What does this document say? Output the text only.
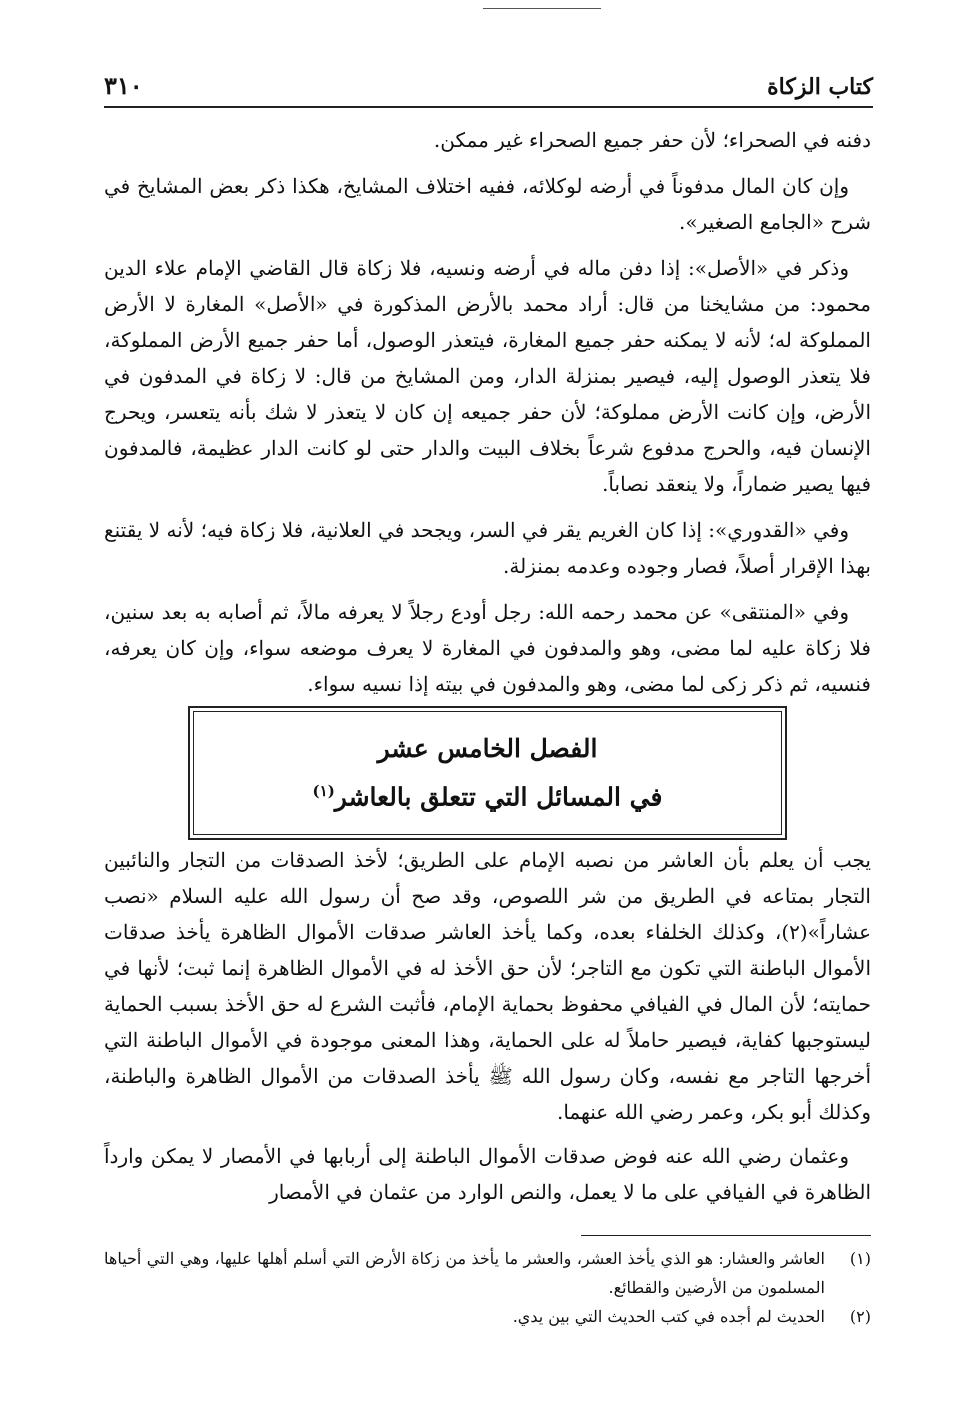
كتاب الزكاة
٣١٠

دفنه في الصحراء؛ لأن حفر جميع الصحراء غير ممكن.

وإن كان المال مدفوناً في أرضه لوكلائه، ففيه اختلاف المشايخ، هكذا ذكر بعض المشايخ في شرح «الجامع الصغير».

وذكر في «الأصل»: إذا دفن ماله في أرضه ونسيه، فلا زكاة قال القاضي الإمام علاء الدين محمود: من مشايخنا من قال: أراد محمد بالأرض المذكورة في «الأصل» المغارة لا الأرض المملوكة له؛ لأنه لا يمكنه حفر جميع المغارة، فيتعذر الوصول، أما حفر جميع الأرض المملوكة، فلا يتعذر الوصول إليه، فيصير بمنزلة الدار، ومن المشايخ من قال: لا زكاة في المدفون في الأرض، وإن كانت الأرض مملوكة؛ لأن حفر جميعه إن كان لا يتعذر لا شك بأنه يتعسر، ويحرج الإنسان فيه، والحرج مدفوع شرعاً بخلاف البيت والدار حتى لو كانت الدار عظيمة، فالمدفون فيها يصير ضماراً، ولا ينعقد نصاباً.

وفي «القدوري»: إذا كان الغريم يقر في السر، ويجحد في العلانية، فلا زكاة فيه؛ لأنه لا يقتنع بهذا الإقرار أصلاً، فصار وجوده وعدمه بمنزلة.

وفي «المنتقى» عن محمد رحمه الله: رجل أودع رجلاً لا يعرفه مالاً، ثم أصابه به بعد سنين، فلا زكاة عليه لما مضى، وهو والمدفون في المغارة لا يعرف موضعه سواء، وإن كان يعرفه، فنسيه، ثم ذكر زكى لما مضى، وهو والمدفون في بيته إذا نسيه سواء.

الفصل الخامس عشر
في المسائل التي تتعلق بالعاشر$^{(١)}$

يجب أن يعلم بأن العاشر من نصبه الإمام على الطريق؛ لأخذ الصدقات من التجار والنائبين التجار بمتاعه في الطريق من شر اللصوص، وقد صح أن رسول الله عليه السلام «نصب عشاراً»(٢)، وكذلك الخلفاء بعده، وكما يأخذ العاشر صدقات الأموال الظاهرة يأخذ صدقات الأموال الباطنة التي تكون مع التاجر؛ لأن حق الأخذ له في الأموال الظاهرة إنما ثبت؛ لأنها في حمايته؛ لأن المال في الفيافي محفوظ بحماية الإمام، فأثبت الشرع له حق الأخذ بسبب الحماية ليستوجبها كفاية، فيصير حاملاً له على الحماية، وهذا المعنى موجودة في الأموال الباطنة التي أخرجها التاجر مع نفسه، وكان رسول الله ﷺ يأخذ الصدقات من الأموال الظاهرة والباطنة، وكذلك أبو بكر، وعمر رضي الله عنهما.

وعثمان رضي الله عنه فوض صدقات الأموال الباطنة إلى أربابها في الأمصار لا يمكن وارداً الظاهرة في الفيافي على ما لا يعمل، والنص الوارد من عثمان في الأمصار

(١)
العاشر والعشار: هو الذي يأخذ العشر، والعشر ما يأخذ من زكاة الأرض التي أسلم أهلها عليها، وهي التي أحياها المسلمون من الأرضين والقطائع.
(٢)
الحديث لم أجده في كتب الحديث التي بين يدي.
